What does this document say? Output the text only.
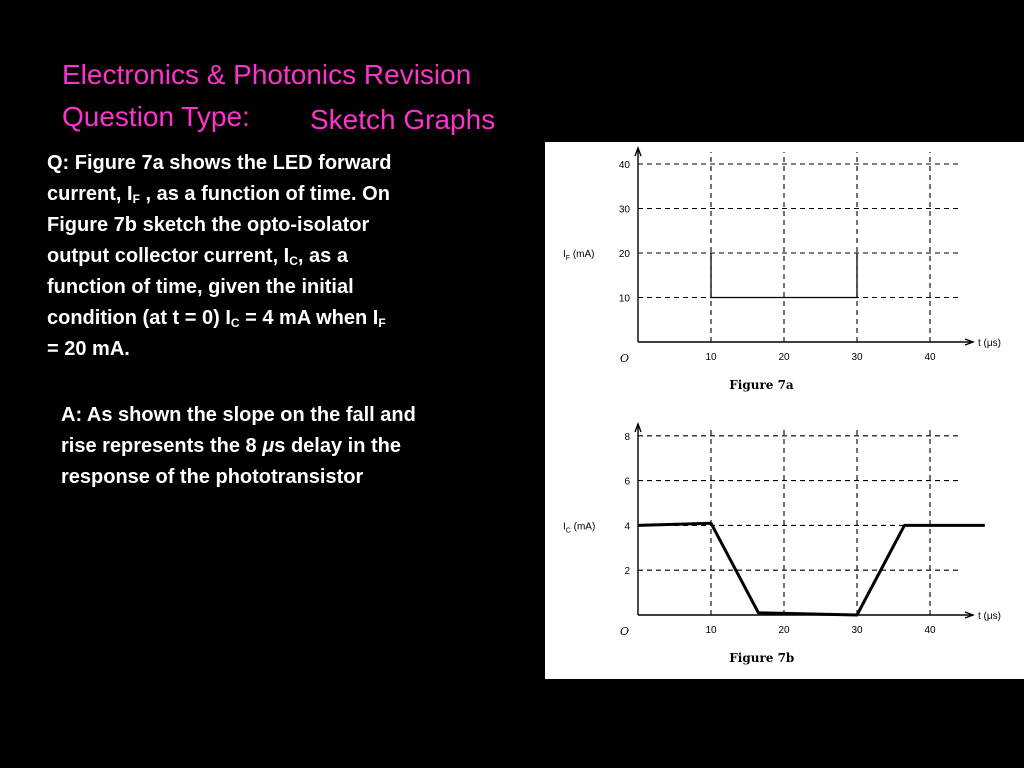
Electronics & Photonics Revision
Question Type: Sketch Graphs
Q: Figure 7a shows the LED forward
current, $I_F$ , as a function of time. On
Figure 7b sketch the opto-isolator
output collector current, $I_C$, as a
function of time, given the initial
condition (at t = 0) $I_C = 4$ mA when $I_F$
= 20 mA.
A: As shown the slope on the fall and
rise represents the 8 μs delay in the
response of the phototransistor
10
20
30
40
10	20	30	40
t (μs)
$I_F$ (mA)
O
Figure 7a
2
4
6
8
10	20	30	40
t (μs)
$I_C$ (mA)
O
Figure 7b
